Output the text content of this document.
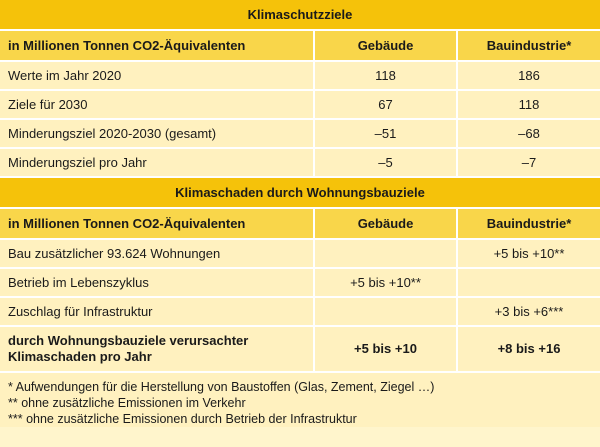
Klimaschutzziele		
in Millionen Tonnen CO2-Äquivalenten	Gebäude	Bauindustrie*
Werte im Jahr 2020	118	186
Ziele für 2030	67	118
Minderungsziel 2020-2030 (gesamt)	–51	–68
Minderungsziel pro Jahr	–5	–7
Klimaschaden durch Wohnungsbauziele		
in Millionen Tonnen CO2-Äquivalenten	Gebäude	Bauindustrie*
Bau zusätzlicher 93.624 Wohnungen		+5 bis +10**
Betrieb im Lebenszyklus	+5 bis +10**	
Zuschlag für Infrastruktur		+3 bis +6***
durch Wohnungsbauziele verursachter
Klimaschaden pro Jahr	+5 bis +10	+8 bis +16
* Aufwendungen für die Herstellung von Baustoffen (Glas, Zement, Ziegel …)
** ohne zusätzliche Emissionen im Verkehr
*** ohne zusätzliche Emissionen durch Betrieb der Infrastruktur
